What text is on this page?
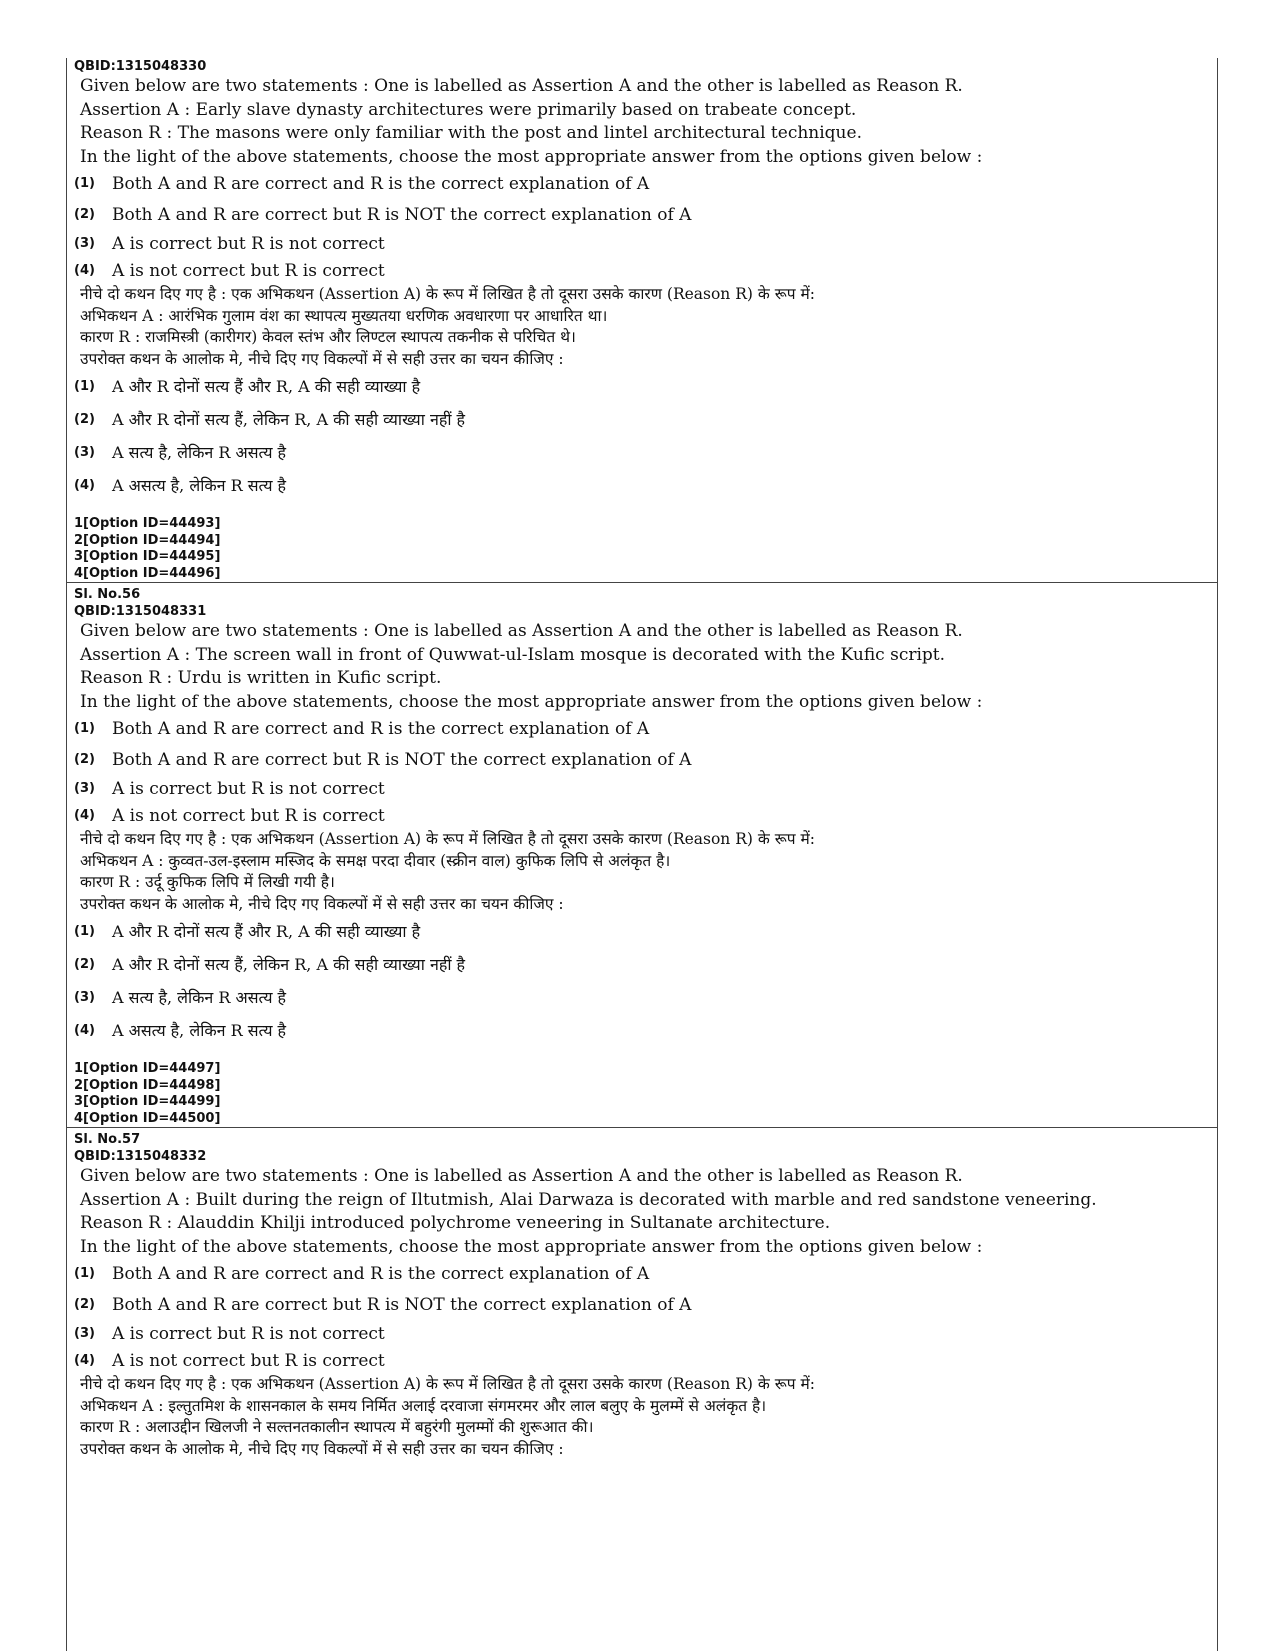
QBID:1315048330
Given below are two statements : One is labelled as Assertion A and the other is labelled as Reason R.
Assertion A : Early slave dynasty architectures were primarily based on trabeate concept.
Reason R : The masons were only familiar with the post and lintel architectural technique.
In the light of the above statements, choose the most appropriate answer from the options given below :
(1)	Both A and R are correct and R is the correct explanation of A
(2)	Both A and R are correct but R is NOT the correct explanation of A
(3)	A is correct but R is not correct
(4)	A is not correct but R is correct
नीचे दो कथन दिए गए है : एक अभिकथन (Assertion A) के रूप में लिखित है तो दूसरा उसके कारण (Reason R) के रूप में:
अभिकथन A : आरंभिक गुलाम वंश का स्थापत्य मुख्यतया धरणिक अवधारणा पर आधारित था।
कारण R : राजमिस्त्री (कारीगर) केवल स्तंभ और लिण्टल स्थापत्य तकनीक से परिचित थे।
उपरोक्त कथन के आलोक मे, नीचे दिए गए विकल्पों में से सही उत्तर का चयन कीजिए :
(1)	A और R दोनों सत्य हैं और R, A की सही व्याख्या है
(2)	A और R दोनों सत्य हैं, लेकिन R, A की सही व्याख्या नहीं है
(3)	A सत्य है, लेकिन R असत्य है
(4)	A असत्य है, लेकिन R सत्य है
1[Option ID=44493]
2[Option ID=44494]
3[Option ID=44495]
4[Option ID=44496]
Sl. No.56
QBID:1315048331
Given below are two statements : One is labelled as Assertion A and the other is labelled as Reason R.
Assertion A : The screen wall in front of Quwwat-ul-Islam mosque is decorated with the Kufic script.
Reason R : Urdu is written in Kufic script.
In the light of the above statements, choose the most appropriate answer from the options given below :
(1)	Both A and R are correct and R is the correct explanation of A
(2)	Both A and R are correct but R is NOT the correct explanation of A
(3)	A is correct but R is not correct
(4)	A is not correct but R is correct
नीचे दो कथन दिए गए है : एक अभिकथन (Assertion A) के रूप में लिखित है तो दूसरा उसके कारण (Reason R) के रूप में:
अभिकथन A : कुव्वत-उल-इस्लाम मस्जिद के समक्ष परदा दीवार (स्क्रीन वाल) कुफिक लिपि से अलंकृत है।
कारण R : उर्दू कुफिक लिपि में लिखी गयी है।
उपरोक्त कथन के आलोक मे, नीचे दिए गए विकल्पों में से सही उत्तर का चयन कीजिए :
(1)	A और R दोनों सत्य हैं और R, A की सही व्याख्या है
(2)	A और R दोनों सत्य हैं, लेकिन R, A की सही व्याख्या नहीं है
(3)	A सत्य है, लेकिन R असत्य है
(4)	A असत्य है, लेकिन R सत्य है
1[Option ID=44497]
2[Option ID=44498]
3[Option ID=44499]
4[Option ID=44500]
Sl. No.57
QBID:1315048332
Given below are two statements : One is labelled as Assertion A and the other is labelled as Reason R.
Assertion A : Built during the reign of Iltutmish, Alai Darwaza is decorated with marble and red sandstone veneering.
Reason R : Alauddin Khilji introduced polychrome veneering in Sultanate architecture.
In the light of the above statements, choose the most appropriate answer from the options given below :
(1)	Both A and R are correct and R is the correct explanation of A
(2)	Both A and R are correct but R is NOT the correct explanation of A
(3)	A is correct but R is not correct
(4)	A is not correct but R is correct
नीचे दो कथन दिए गए है : एक अभिकथन (Assertion A) के रूप में लिखित है तो दूसरा उसके कारण (Reason R) के रूप में:
अभिकथन A : इल्तुतमिश के शासनकाल के समय निर्मित अलाई दरवाजा संगमरमर और लाल बलुए के मुलम्में से अलंकृत है।
कारण R : अलाउद्दीन खिलजी ने सल्तनतकालीन स्थापत्य में बहुरंगी मुलम्मों की शुरूआत की।
उपरोक्त कथन के आलोक मे, नीचे दिए गए विकल्पों में से सही उत्तर का चयन कीजिए :
